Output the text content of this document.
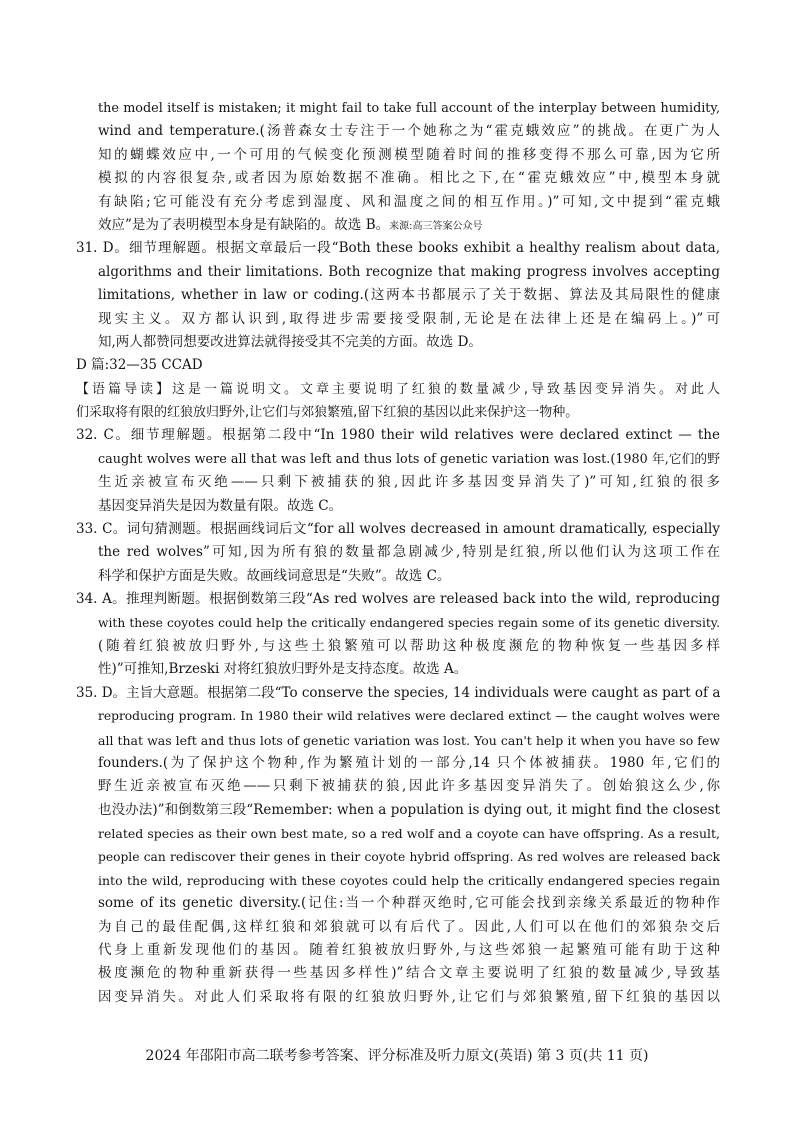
the model itself is mistaken; it might fail to take full account of the interplay between humidity,
wind and temperature.(汤普森女士专注于一个她称之为“霍克蛾效应”的挑战。在更广为人
知的蝴蝶效应中,一个可用的气候变化预测模型随着时间的推移变得不那么可靠,因为它所
模拟的内容很复杂,或者因为原始数据不准确。相比之下,在“霍克蛾效应”中,模型本身就
有缺陷;它可能没有充分考虑到湿度、风和温度之间的相互作用。)”可知,文中提到“霍克蛾
效应”是为了表明模型本身是有缺陷的。故选 B。来源:高三答案公众号
31. D。细节理解题。根据文章最后一段“Both these books exhibit a healthy realism about data,
algorithms and their limitations. Both recognize that making progress involves accepting
limitations, whether in law or coding.(这两本书都展示了关于数据、算法及其局限性的健康
现实主义。双方都认识到,取得进步需要接受限制,无论是在法律上还是在编码上。)”可
知,两人都赞同想要改进算法就得接受其不完美的方面。故选 D。
D 篇:32—35 CCAD
【语篇导读】这是一篇说明文。文章主要说明了红狼的数量减少,导致基因变异消失。对此人
们采取将有限的红狼放归野外,让它们与郊狼繁殖,留下红狼的基因以此来保护这一物种。
32. C。细节理解题。根据第二段中“In 1980 their wild relatives were declared extinct — the
caught wolves were all that was left and thus lots of genetic variation was lost.(1980 年,它们的野
生近亲被宣布灭绝——只剩下被捕获的狼,因此许多基因变异消失了)”可知,红狼的很多
基因变异消失是因为数量有限。故选 C。
33. C。词句猜测题。根据画线词后文“for all wolves decreased in amount dramatically, especially
the red wolves”可知,因为所有狼的数量都急剧减少,特别是红狼,所以他们认为这项工作在
科学和保护方面是失败。故画线词意思是“失败”。故选 C。
34. A。推理判断题。根据倒数第三段“As red wolves are released back into the wild, reproducing
with these coyotes could help the critically endangered species regain some of its genetic diversity.
(随着红狼被放归野外,与这些土狼繁殖可以帮助这种极度濒危的物种恢复一些基因多样
性)”可推知,Brzeski 对将红狼放归野外是支持态度。故选 A。
35. D。主旨大意题。根据第二段“To conserve the species, 14 individuals were caught as part of a
reproducing program. In 1980 their wild relatives were declared extinct — the caught wolves were
all that was left and thus lots of genetic variation was lost. You can't help it when you have so few
founders.(为了保护这个物种,作为繁殖计划的一部分,14 只个体被捕获。1980 年,它们的
野生近亲被宣布灭绝——只剩下被捕获的狼,因此许多基因变异消失了。创始狼这么少,你
也没办法)”和倒数第三段“Remember: when a population is dying out, it might find the closest
related species as their own best mate, so a red wolf and a coyote can have offspring. As a result,
people can rediscover their genes in their coyote hybrid offspring. As red wolves are released back
into the wild, reproducing with these coyotes could help the critically endangered species regain
some of its genetic diversity.(记住:当一个种群灭绝时,它可能会找到亲缘关系最近的物种作
为自己的最佳配偶,这样红狼和郊狼就可以有后代了。因此,人们可以在他们的郊狼杂交后
代身上重新发现他们的基因。随着红狼被放归野外,与这些郊狼一起繁殖可能有助于这种
极度濒危的物种重新获得一些基因多样性)”结合文章主要说明了红狼的数量减少,导致基
因变异消失。对此人们采取将有限的红狼放归野外,让它们与郊狼繁殖,留下红狼的基因以
2024 年邵阳市高二联考参考答案、评分标准及听力原文(英语) 第 3 页(共 11 页)
